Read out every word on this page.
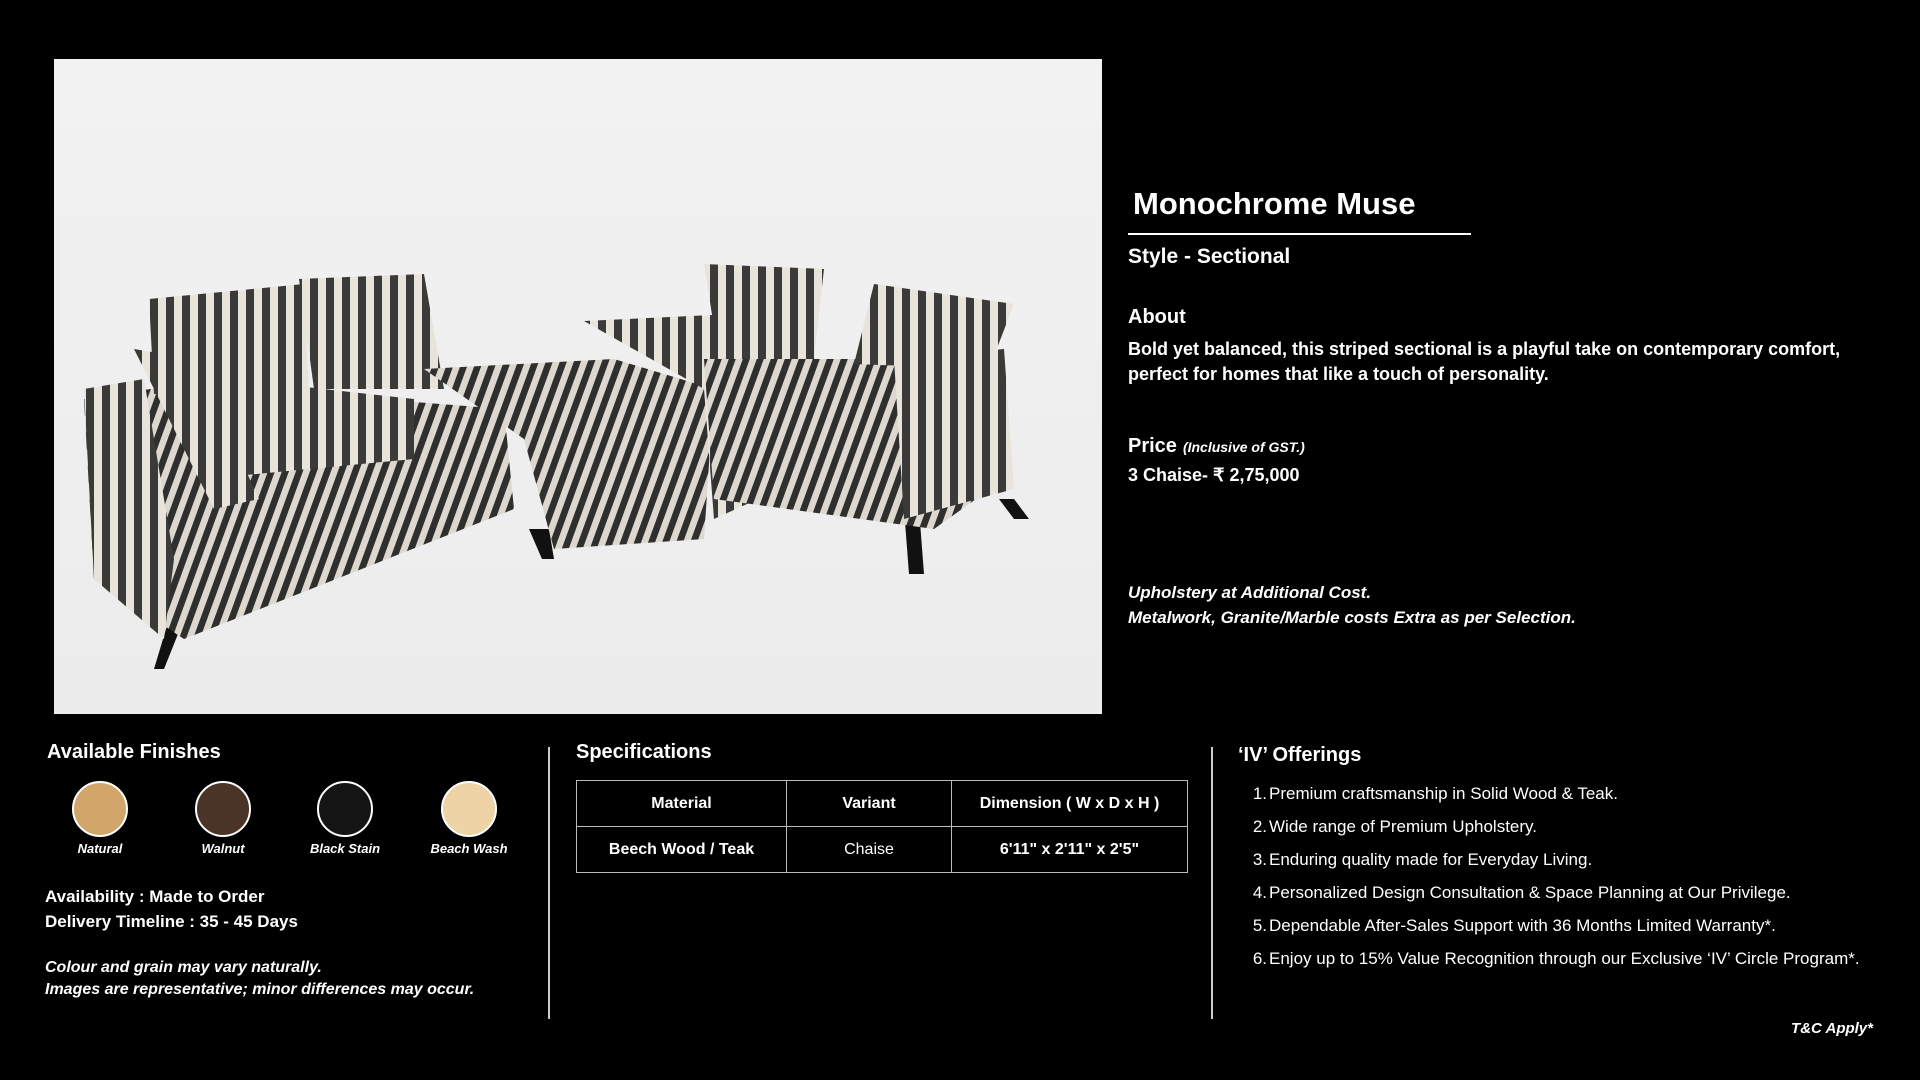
Monochrome Muse
Style - Sectional
About
Bold yet balanced, this striped sectional is a playful take on contemporary comfort, perfect for homes that like a touch of personality.
Price (Inclusive of GST.)
3 Chaise- ₹ 2,75,000
Upholstery at Additional Cost.
Metalwork, Granite/Marble costs Extra as per Selection.
Available Finishes
Natural	Walnut	Black Stain	Beach Wash
Availability : Made to Order
Delivery Timeline : 35 - 45 Days
Colour and grain may vary naturally.
Images are representative; minor differences may occur.
Specifications
Material	Variant	Dimension ( W x D x H )
Beech Wood / Teak	Chaise	6'11" x 2'11" x 2'5"
‘IV’ Offerings
1. Premium craftsmanship in Solid Wood & Teak.
2. Wide range of Premium Upholstery.
3. Enduring quality made for Everyday Living.
4. Personalized Design Consultation & Space Planning at Our Privilege.
5. Dependable After-Sales Support with 36 Months Limited Warranty*.
6. Enjoy up to 15% Value Recognition through our Exclusive ‘IV’ Circle Program*.
T&C Apply*
